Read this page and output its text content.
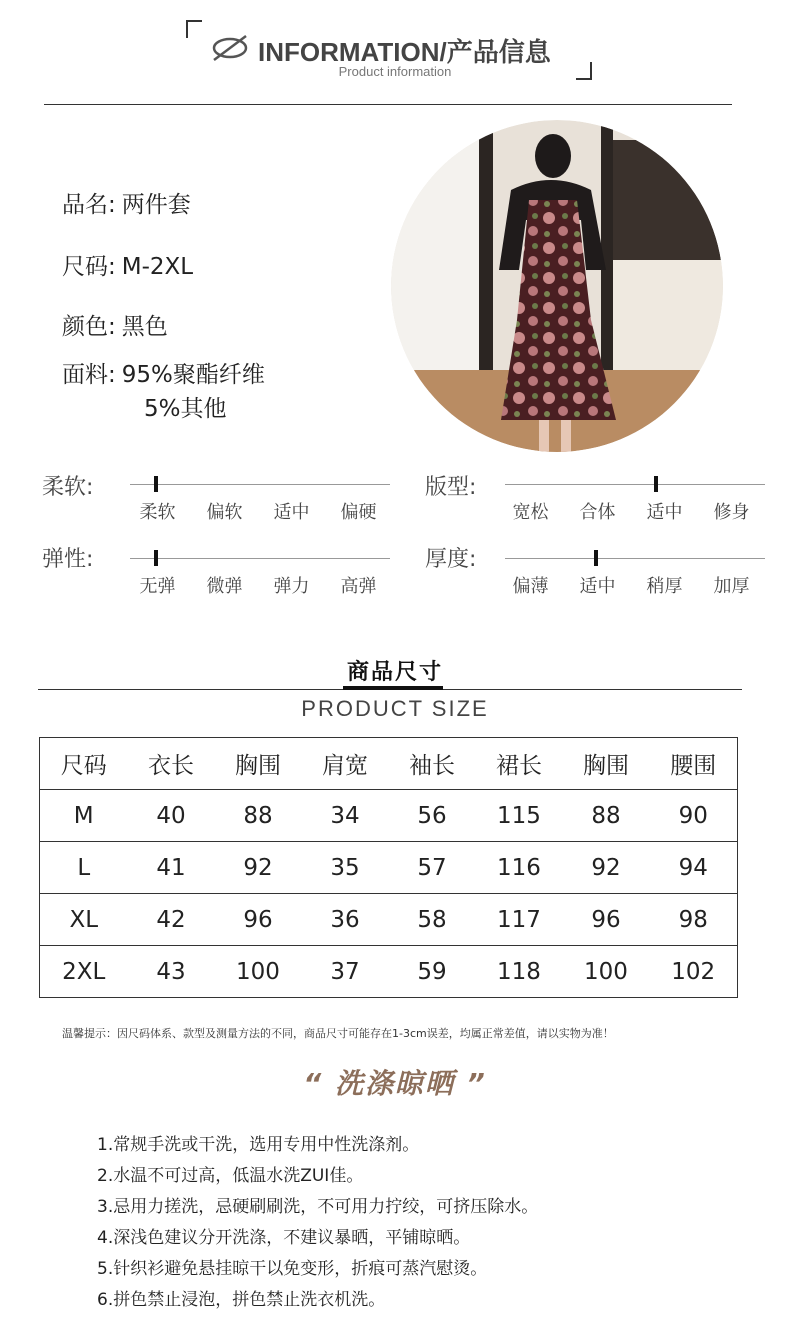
INFORMATION/产品信息
Product information
品名: 两件套
尺码: M-2XL
颜色: 黑色
面料: 95%聚酯纤维
5%其他
柔软:
柔软	偏软	适中	偏硬
版型:
宽松	合体	适中	修身
弹性:
无弹	微弹	弹力	高弹
厚度:
偏薄	适中	稍厚	加厚
商品尺寸
PRODUCT SIZE
尺码	衣长	胸围	肩宽	袖长	裙长	胸围	腰围
M	40	88	34	56	115	88	90
L	41	92	35	57	116	92	94
XL	42	96	36	58	117	96	98
2XL	43	100	37	59	118	100	102
温馨提示：因尺码体系、款型及测量方法的不同，商品尺寸可能存在1-3cm误差，均属正常差值，请以实物为准！
“ 洗涤晾晒 ”
1.常规手洗或干洗，选用专用中性洗涤剂。
2.水温不可过高，低温水洗ZUI佳。
3.忌用力搓洗，忌硬刷刷洗，不可用力拧绞，可挤压除水。
4.深浅色建议分开洗涤，不建议暴晒，平铺晾晒。
5.针织衫避免悬挂晾干以免变形，折痕可蒸汽慰烫。
6.拼色禁止浸泡，拼色禁止洗衣机洗。
